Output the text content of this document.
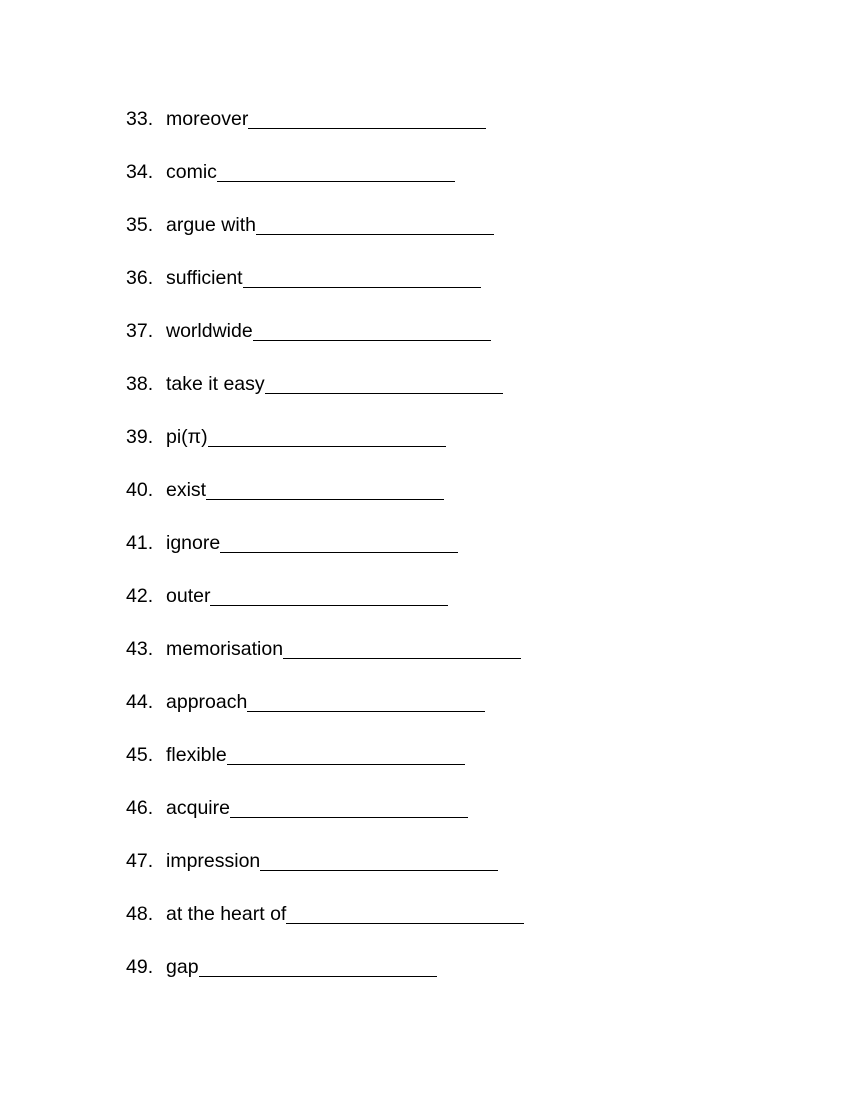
33. moreover
34. comic
35. argue with
36. sufficient
37. worldwide
38. take it easy
39. pi(π)
40. exist
41. ignore
42. outer
43. memorisation
44. approach
45. flexible
46. acquire
47. impression
48. at the heart of
49. gap
